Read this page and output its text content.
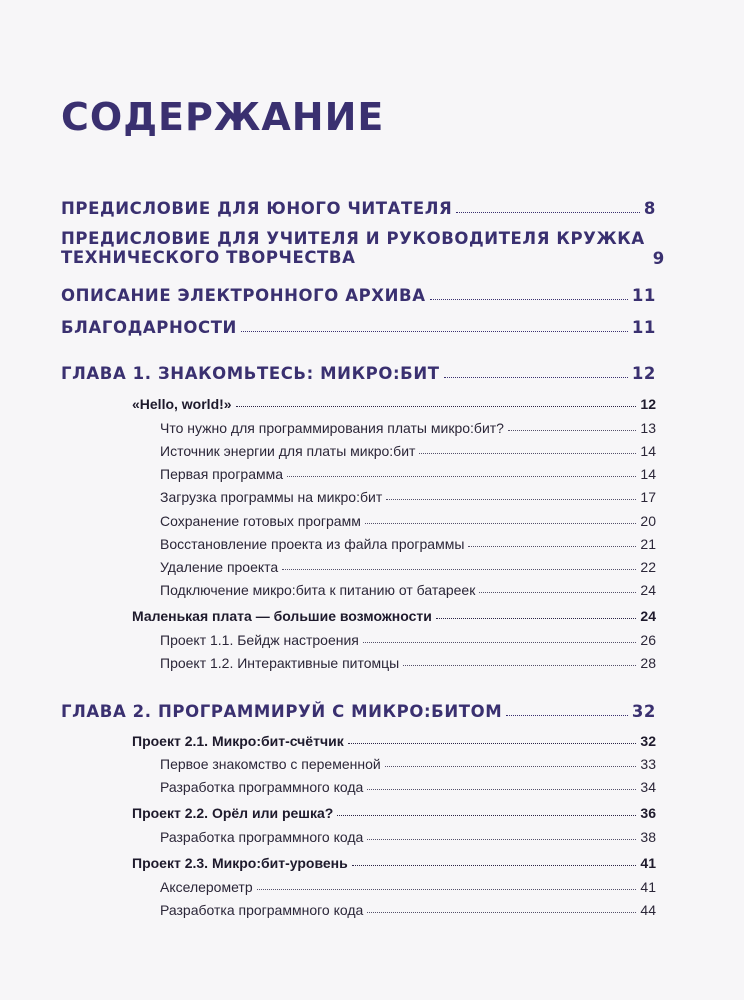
СОДЕРЖАНИЕ
ПРЕДИСЛОВИЕ ДЛЯ ЮНОГО ЧИТАТЕЛЯ	8
ПРЕДИСЛОВИЕ ДЛЯ УЧИТЕЛЯ И РУКОВОДИТЕЛЯ КРУЖКА
ТЕХНИЧЕСКОГО ТВОРЧЕСТВА	9
ОПИСАНИЕ ЭЛЕКТРОННОГО АРХИВА	11
БЛАГОДАРНОСТИ	11
ГЛАВА 1. ЗНАКОМЬТЕСЬ: МИКРО:БИТ	12
«Hello, world!»	12
Что нужно для программирования платы микро:бит?	13
Источник энергии для платы микро:бит	14
Первая программа	14
Загрузка программы на микро:бит	17
Сохранение готовых программ	20
Восстановление проекта из файла программы	21
Удаление проекта	22
Подключение микро:бита к питанию от батареек	24
Маленькая плата — большие возможности	24
Проект 1.1. Бейдж настроения	26
Проект 1.2. Интерактивные питомцы	28
ГЛАВА 2. ПРОГРАММИРУЙ С МИКРО:БИТОМ	32
Проект 2.1. Микро:бит-счётчик	32
Первое знакомство с переменной	33
Разработка программного кода	34
Проект 2.2. Орёл или решка?	36
Разработка программного кода	38
Проект 2.3. Микро:бит-уровень	41
Акселерометр	41
Разработка программного кода	44
